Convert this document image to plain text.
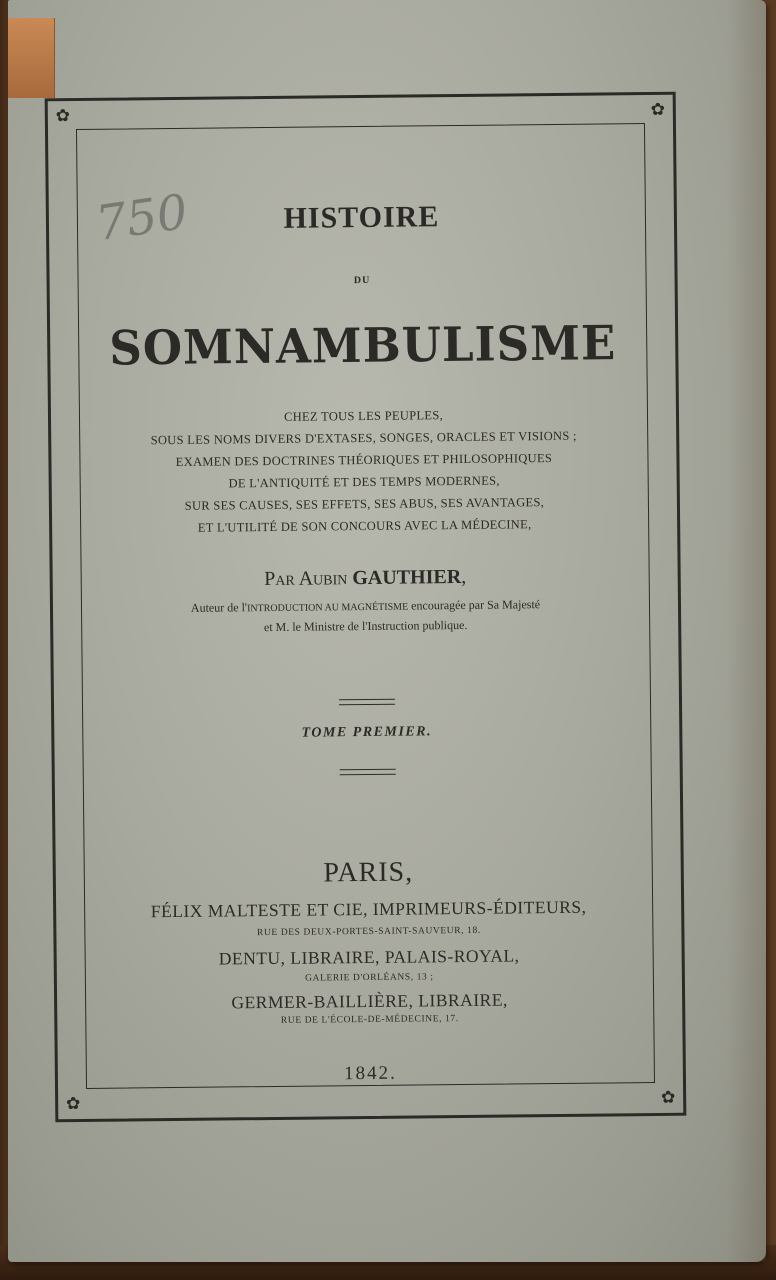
750
✿	✿
✿	✿
HISTOIRE
DU
SOMNAMBULISME
CHEZ TOUS LES PEUPLES,
SOUS LES NOMS DIVERS D'EXTASES, SONGES, ORACLES ET VISIONS ;
EXAMEN DES DOCTRINES THÉORIQUES ET PHILOSOPHIQUES
DE L'ANTIQUITÉ ET DES TEMPS MODERNES,
SUR SES CAUSES, SES EFFETS, SES ABUS, SES AVANTAGES,
ET L'UTILITÉ DE SON CONCOURS AVEC LA MÉDECINE,
Par Aubin GAUTHIER,
Auteur de l'INTRODUCTION AU MAGNÉTISME encouragée par Sa Majesté
et M. le Ministre de l'Instruction publique.
TOME PREMIER.
PARIS,
FÉLIX MALTESTE ET CIE, IMPRIMEURS-ÉDITEURS,
RUE DES DEUX-PORTES-SAINT-SAUVEUR, 18.
DENTU, LIBRAIRE, PALAIS-ROYAL,
GALERIE D'ORLÉANS, 13 ;
GERMER-BAILLIÈRE, LIBRAIRE,
RUE DE L'ÉCOLE-DE-MÉDECINE, 17.
1842.
